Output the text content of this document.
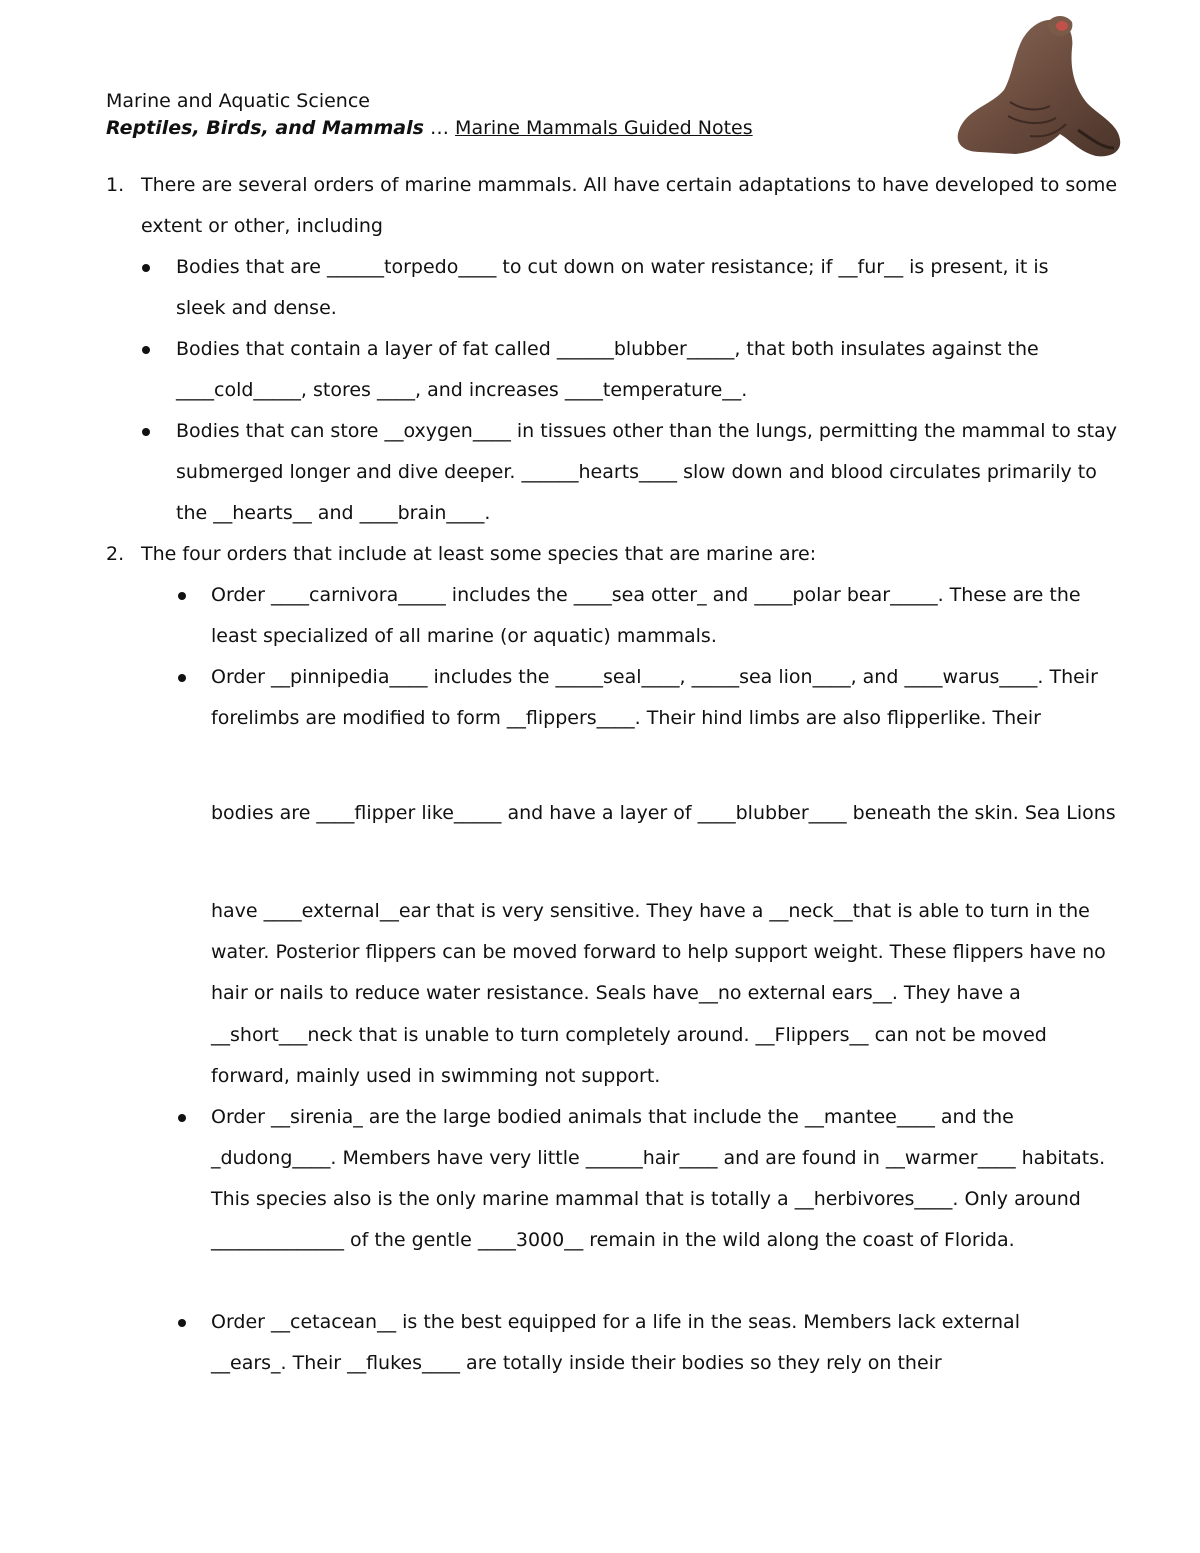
Marine and Aquatic Science
Reptiles, Birds, and Mammals … Marine Mammals Guided Notes
1. There are several orders of marine mammals. All have certain adaptations to have developed to some
extent or other, including
Bodies that are ______torpedo____ to cut down on water resistance; if __fur__ is present, it is
sleek and dense.
Bodies that contain a layer of fat called ______blubber_____, that both insulates against the
____cold_____, stores ____, and increases ____temperature__.
Bodies that can store __oxygen____ in tissues other than the lungs, permitting the mammal to stay
submerged longer and dive deeper. ______hearts____ slow down and blood circulates primarily to
the __hearts__ and ____brain____.
2. The four orders that include at least some species that are marine are:
Order ____carnivora_____ includes the ____sea otter_ and ____polar bear_____. These are the
least specialized of all marine (or aquatic) mammals.
Order __pinnipedia____ includes the _____seal____, _____sea lion____, and ____warus____. Their
forelimbs are modified to form __flippers____. Their hind limbs are also flipperlike. Their
bodies are ____flipper like_____ and have a layer of ____blubber____ beneath the skin. Sea Lions
have ____external__ear that is very sensitive. They have a __neck__that is able to turn in the
water. Posterior flippers can be moved forward to help support weight. These flippers have no
hair or nails to reduce water resistance. Seals have__no external ears__. They have a
__short___neck that is unable to turn completely around. __Flippers__ can not be moved
forward, mainly used in swimming not support.
Order __sirenia_ are the large bodied animals that include the __mantee____ and the
_dudong____. Members have very little ______hair____ and are found in __warmer____ habitats.
This species also is the only marine mammal that is totally a __herbivores____. Only around
______________ of the gentle ____3000__ remain in the wild along the coast of Florida.
Order __cetacean__ is the best equipped for a life in the seas. Members lack external
__ears_. Their __flukes____ are totally inside their bodies so they rely on their
